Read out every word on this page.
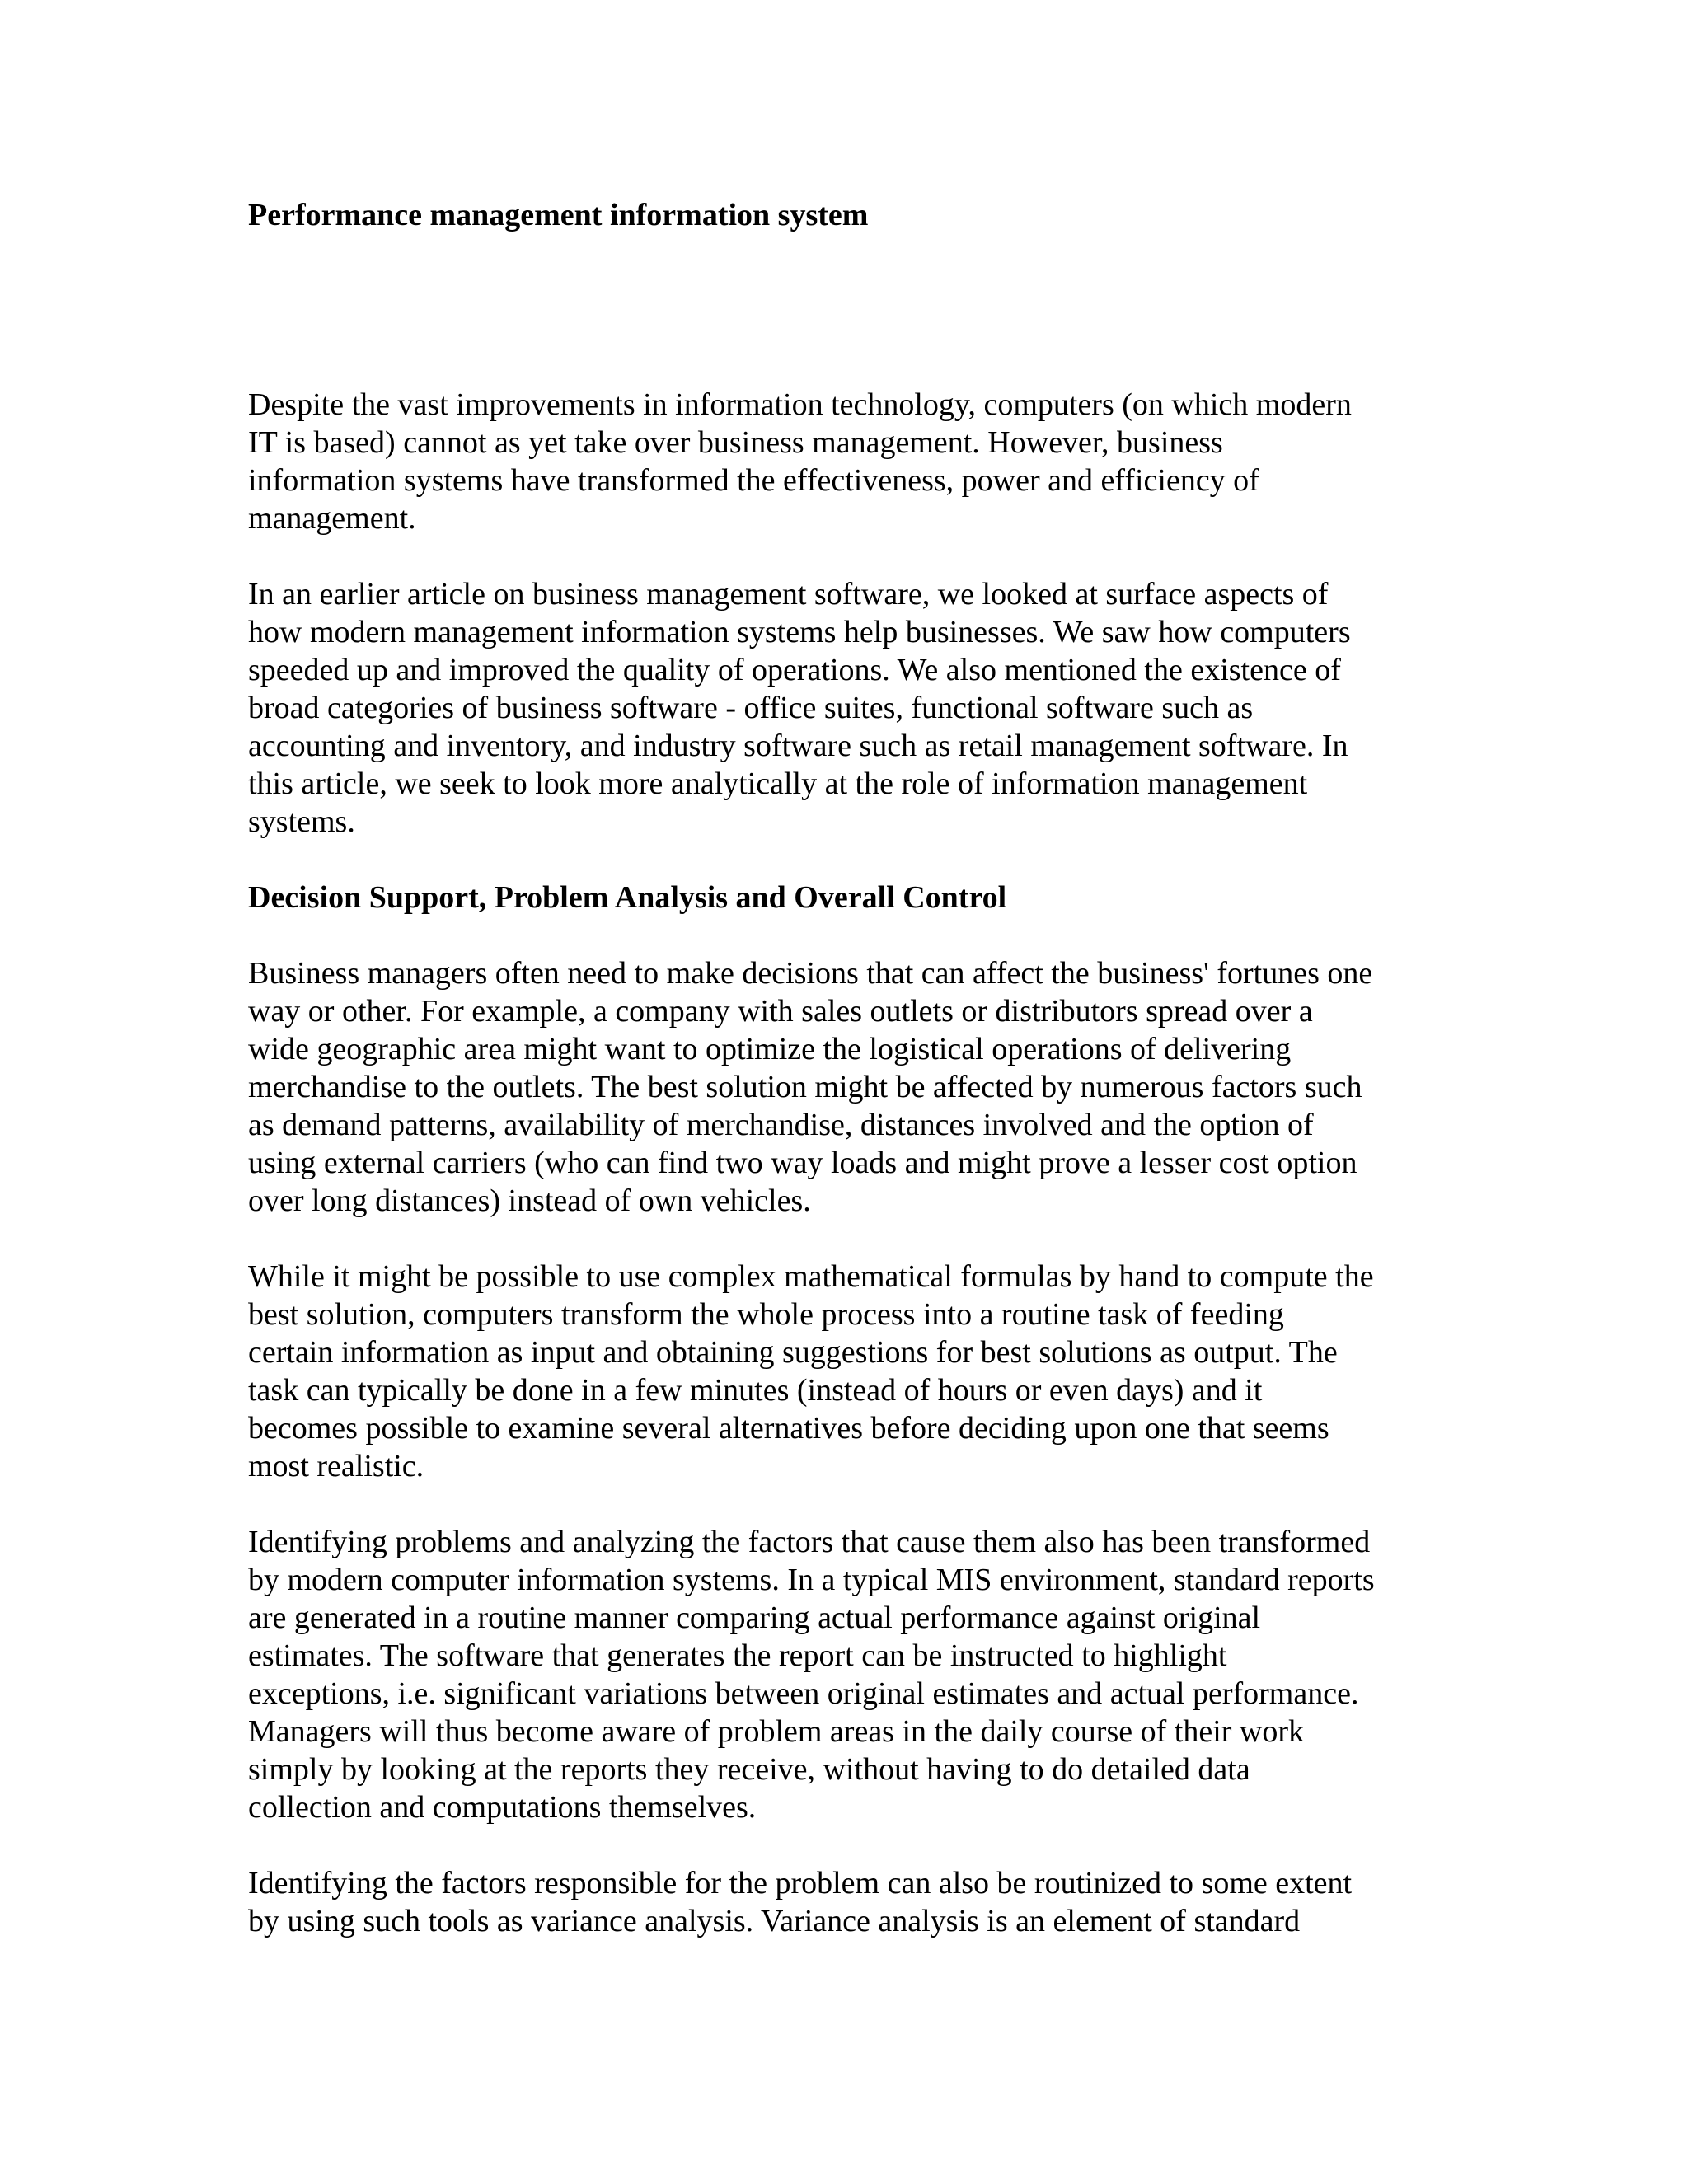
Performance management information system
Despite the vast improvements in information technology, computers (on which modern
IT is based) cannot as yet take over business management. However, business
information systems have transformed the effectiveness, power and efficiency of
management.
In an earlier article on business management software, we looked at surface aspects of
how modern management information systems help businesses. We saw how computers
speeded up and improved the quality of operations. We also mentioned the existence of
broad categories of business software - office suites, functional software such as
accounting and inventory, and industry software such as retail management software. In
this article, we seek to look more analytically at the role of information management
systems.
Decision Support, Problem Analysis and Overall Control
Business managers often need to make decisions that can affect the business' fortunes one
way or other. For example, a company with sales outlets or distributors spread over a
wide geographic area might want to optimize the logistical operations of delivering
merchandise to the outlets. The best solution might be affected by numerous factors such
as demand patterns, availability of merchandise, distances involved and the option of
using external carriers (who can find two way loads and might prove a lesser cost option
over long distances) instead of own vehicles.
While it might be possible to use complex mathematical formulas by hand to compute the
best solution, computers transform the whole process into a routine task of feeding
certain information as input and obtaining suggestions for best solutions as output. The
task can typically be done in a few minutes (instead of hours or even days) and it
becomes possible to examine several alternatives before deciding upon one that seems
most realistic.
Identifying problems and analyzing the factors that cause them also has been transformed
by modern computer information systems. In a typical MIS environment, standard reports
are generated in a routine manner comparing actual performance against original
estimates. The software that generates the report can be instructed to highlight
exceptions, i.e. significant variations between original estimates and actual performance.
Managers will thus become aware of problem areas in the daily course of their work
simply by looking at the reports they receive, without having to do detailed data
collection and computations themselves.
Identifying the factors responsible for the problem can also be routinized to some extent
by using such tools as variance analysis. Variance analysis is an element of standard
